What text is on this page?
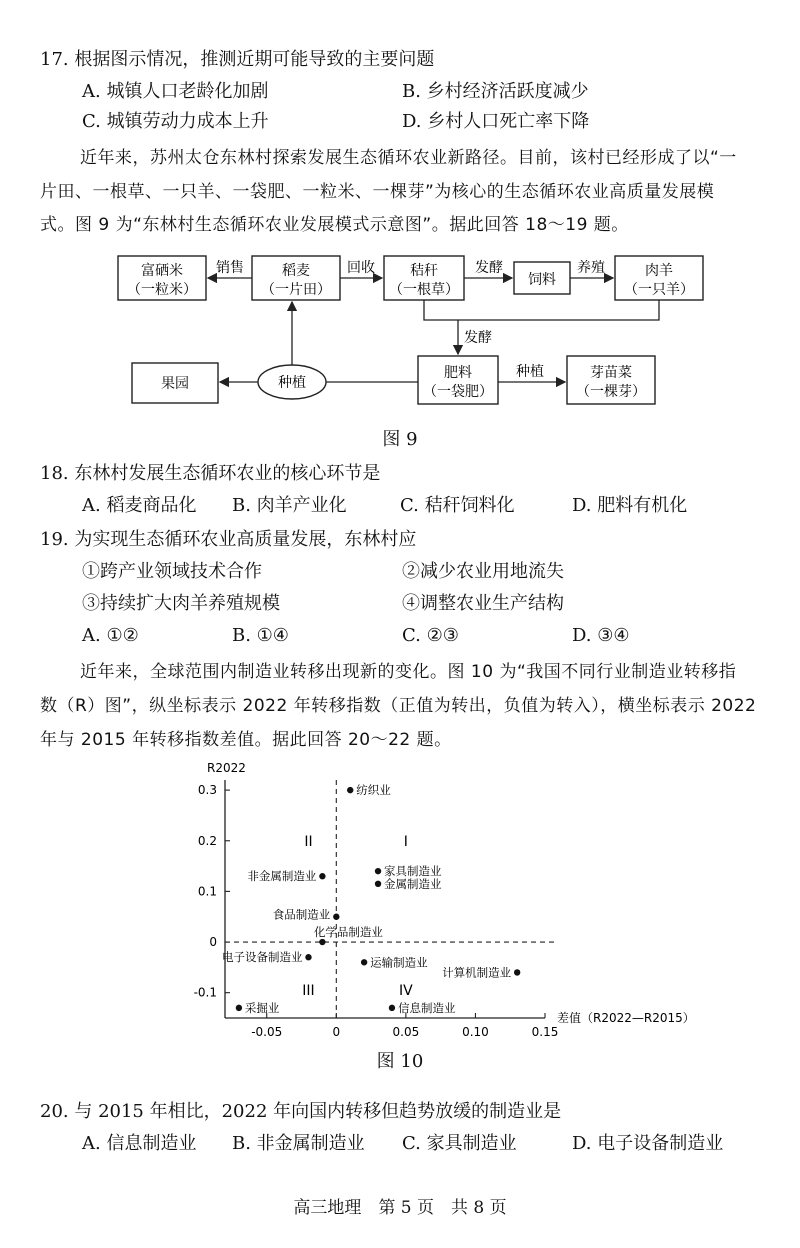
17. 根据图示情况，推测近期可能导致的主要问题
A. 城镇人口老龄化加剧	B. 乡村经济活跃度减少
C. 城镇劳动力成本上升	D. 乡村人口死亡率下降
近年来，苏州太仓东林村探索发展生态循环农业新路径。目前，该村已经形成了以“一
片田、一根草、一只羊、一袋肥、一粒米、一棵芽”为核心的生态循环农业高质量发展模
式。图 9 为“东林村生态循环农业发展模式示意图”。据此回答 18～19 题。
富硒米
（一粒米）
稻麦
（一片田）
秸秆
（一根草）
饲料
肉羊
（一只羊）
果园	种植
肥料
（一袋肥）
芽苗菜
（一棵芽）
销售	回收	发酵	养殖
发酵
种植
图 9
18. 东林村发展生态循环农业的核心环节是
A. 稻麦商品化 B. 肉羊产业化	C. 秸秆饲料化	D. 肥料有机化
19. 为实现生态循环农业高质量发展，东林村应
①跨产业领域技术合作	②减少农业用地流失
③持续扩大肉羊养殖规模	④调整农业生产结构
A. ①②	B. ①④	C. ②③	D. ③④
近年来，全球范围内制造业转移出现新的变化。图 10 为“我国不同行业制造业转移指
数（R）图”，纵坐标表示 2022 年转移指数（正值为转出，负值为转入），横坐标表示 2022
年与 2015 年转移指数差值。据此回答 20～22 题。
R2022
差值（R2022—R2015）
-0.05	0	0.05	0.10	0.15
0.3
0.2
0.1
0
-0.1
I
II
III	IV
纺织业
家具制造业
金属制造业
非金属制造业
食品制造业
化学品制造业
电子设备制造业	运输制造业
计算机制造业
采掘业	信息制造业
图 10
20. 与 2015 年相比，2022 年向国内转移但趋势放缓的制造业是
A. 信息制造业 B. 非金属制造业 C. 家具制造业	D. 电子设备制造业
高三地理　第 5 页　共 8 页
